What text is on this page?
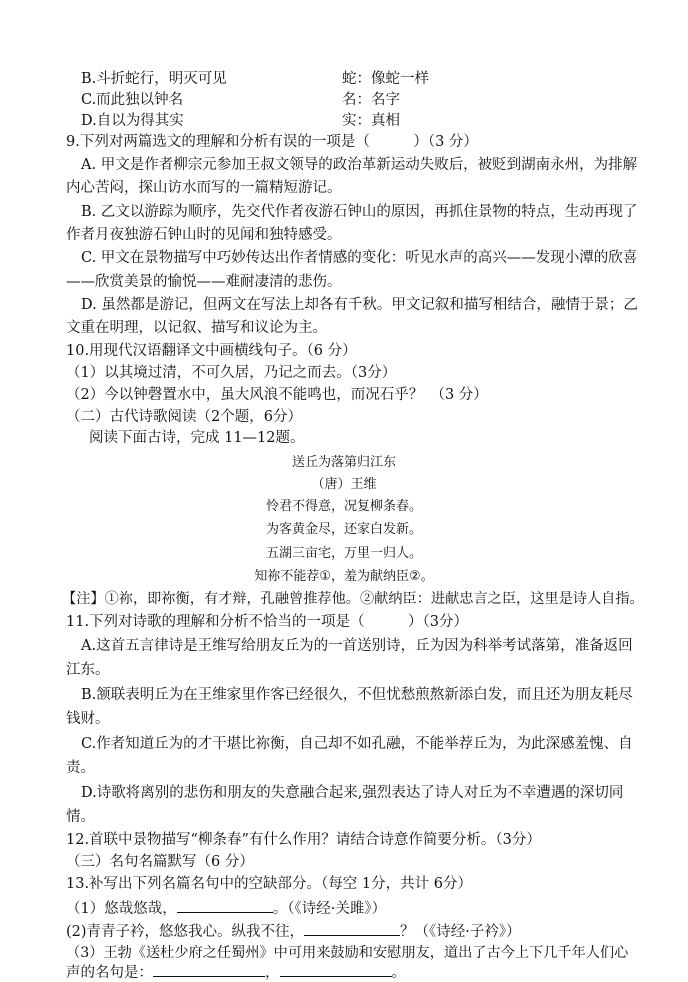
B.斗折蛇行，明灭可见	蛇：像蛇一样
C.而此独以钟名	名：名字
D.自以为得其实	实：真相
9.下列对两篇选文的理解和分析有误的一项是（　　　）（3 分）
A. 甲文是作者柳宗元参加王叔文领导的政治革新运动失败后，被贬到湖南永州，为排解
内心苦闷，探山访水而写的一篇精短游记。
B. 乙文以游踪为顺序，先交代作者夜游石钟山的原因，再抓住景物的特点，生动再现了
作者月夜独游石钟山时的见闻和独特感受。
C. 甲文在景物描写中巧妙传达出作者情感的变化：听见水声的高兴——发现小潭的欣喜
——欣赏美景的愉悦——难耐凄清的悲伤。
D. 虽然都是游记，但两文在写法上却各有千秋。甲文记叙和描写相结合，融情于景；乙
文重在明理，以记叙、描写和议论为主。
10.用现代汉语翻译文中画横线句子。（6 分）
（1）以其境过清，不可久居，乃记之而去。（3分）
（2）今以钟磬置水中，虽大风浪不能鸣也，而况石乎？　（3 分）
（二）古代诗歌阅读（2个题，6分）
阅读下面古诗，完成 11—12题。
送丘为落第归江东
（唐）王维
怜君不得意，况复柳条春。
为客黄金尽，还家白发新。
五湖三亩宅，万里一归人。
知祢不能荐①，羞为献纳臣②。
【注】①祢，即祢衡，有才辩，孔融曾推荐他。②献纳臣：进献忠言之臣，这里是诗人自指。
11.下列对诗歌的理解和分析不恰当的一项是（　　　）（3分）
A.这首五言律诗是王维写给朋友丘为的一首送别诗，丘为因为科举考试落第，准备返回
江东。
B.颔联表明丘为在王维家里作客已经很久，不但忧愁煎熬新添白发，而且还为朋友耗尽
钱财。
C.作者知道丘为的才干堪比祢衡，自己却不如孔融，不能举荐丘为，为此深感羞愧、自
责。
D.诗歌将离别的悲伤和朋友的失意融合起来,强烈表达了诗人对丘为不幸遭遇的深切同
情。
12.首联中景物描写“柳条春”有什么作用？请结合诗意作简要分析。（3分）
（三）名句名篇默写（6 分）
13.补写出下列名篇名句中的空缺部分。（每空 1分，共计 6分）
（1）悠哉悠哉，	。（《诗经·关雎》）
(2)青青子衿，悠悠我心。纵我不往，	？（《诗经·子衿》）
（3）王勃《送杜少府之任蜀州》中可用来鼓励和安慰朋友，道出了古今上下几千年人们心
声的名句是：	，	。
